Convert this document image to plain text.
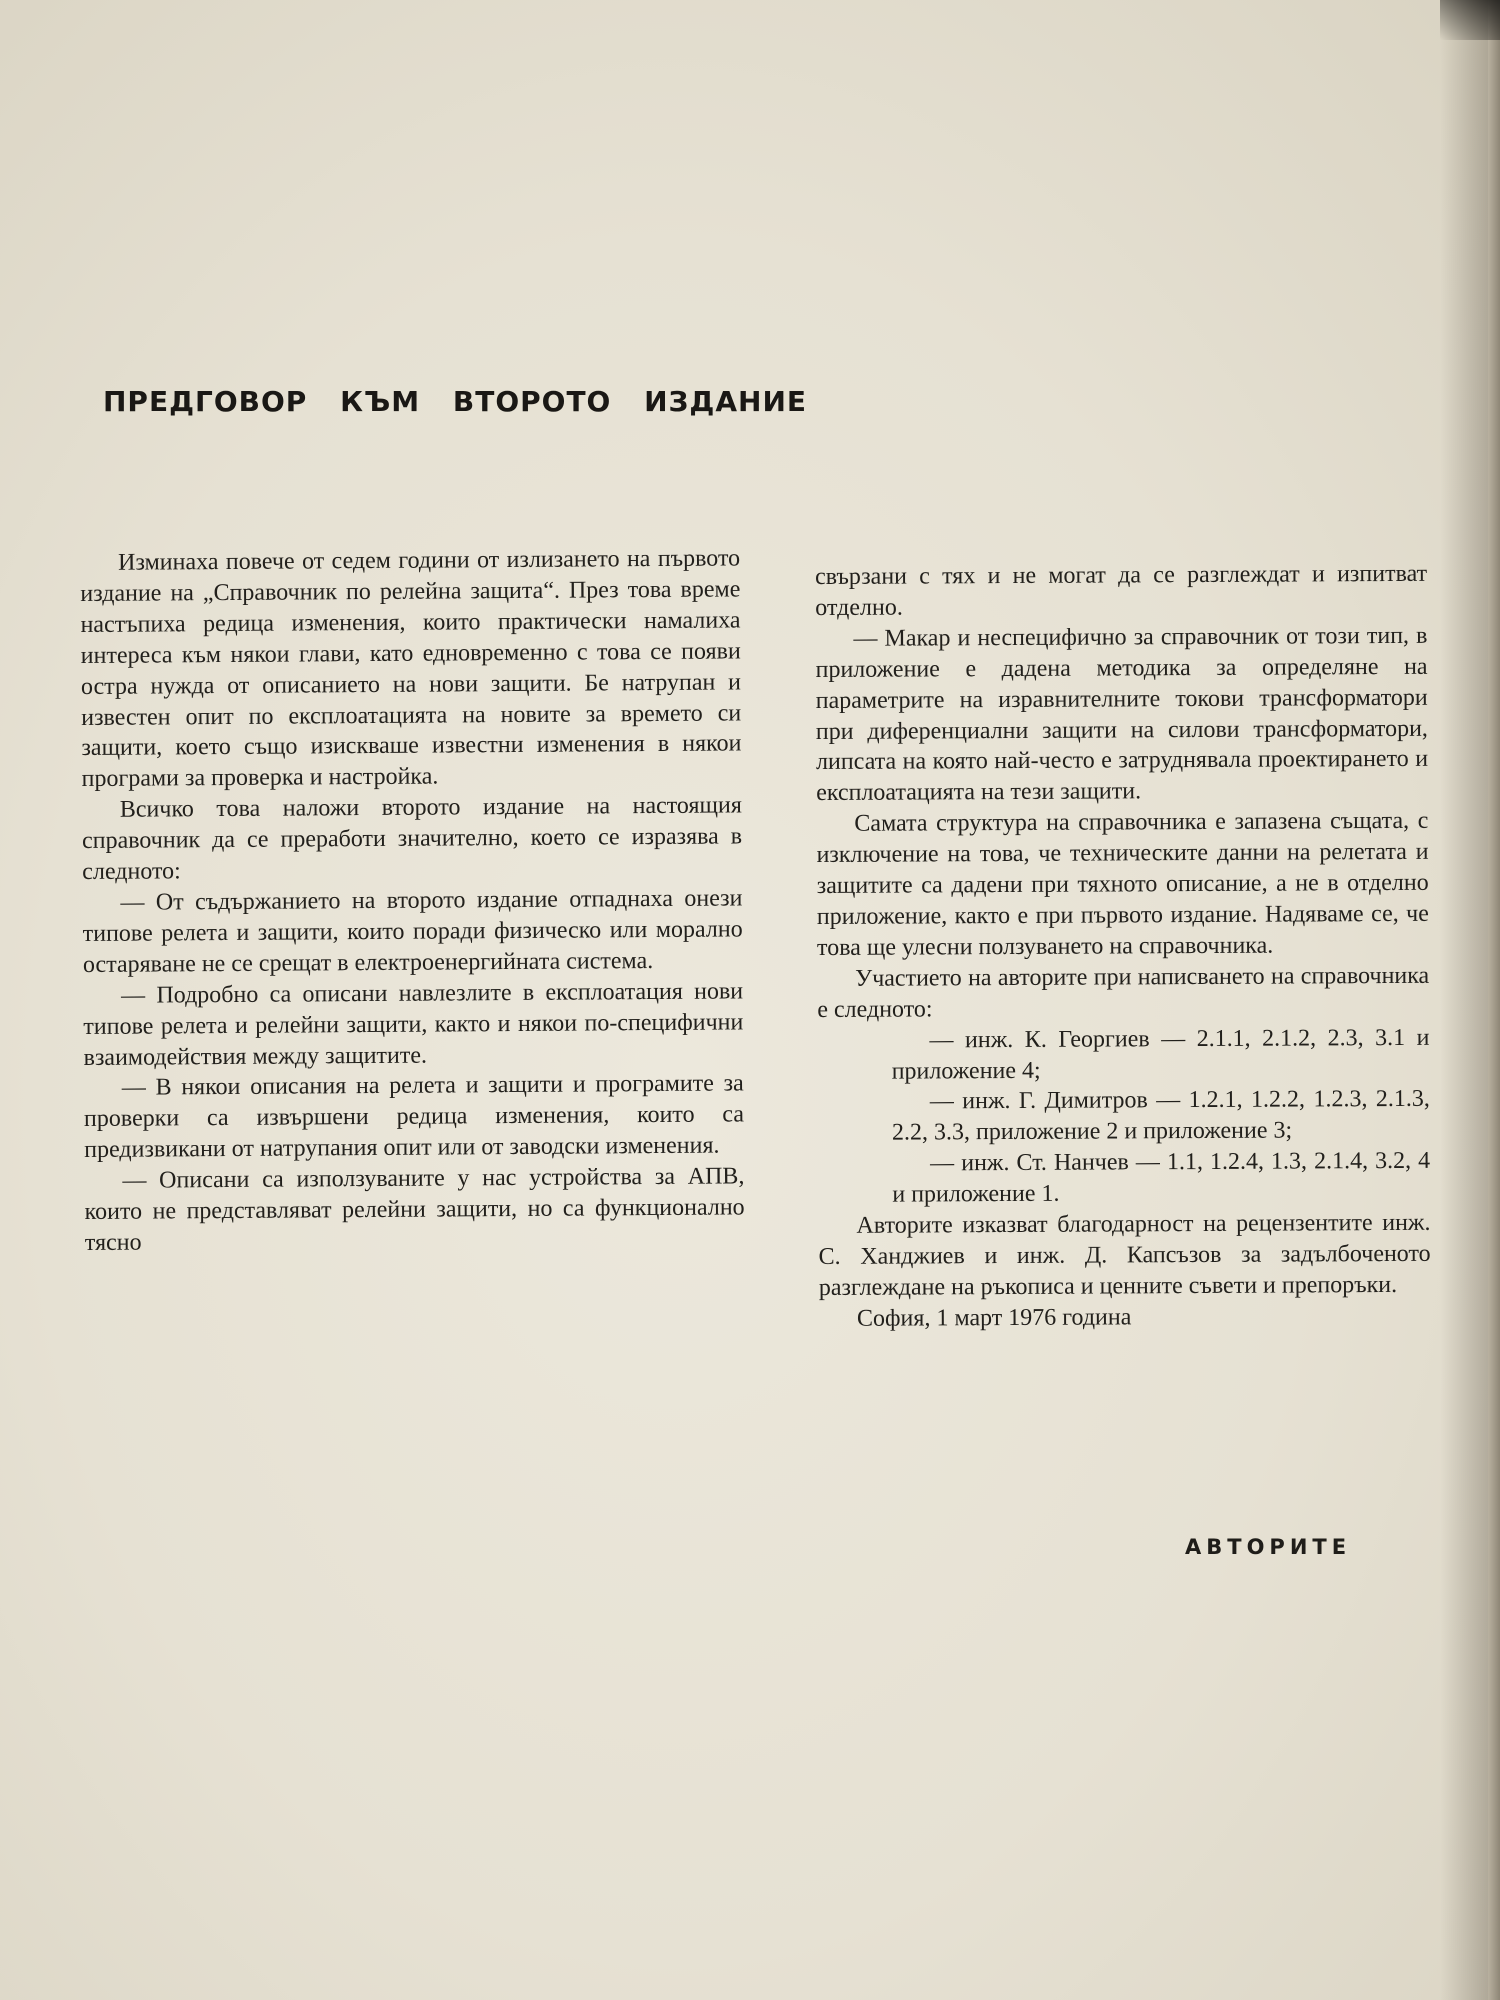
ПРЕДГОВОР КЪМ ВТОРОТО ИЗДАНИЕ

Изминаха повече от седем години от излизането на първото издание на „Справочник по релейна защита“. През това време настъпиха редица изменения, които практически намалиха интереса към някои глави, като едновременно с това се появи остра нужда от описанието на нови защити. Бе натрупан и известен опит по експлоатацията на новите за времето си защити, което също изискваше известни изменения в някои програми за проверка и настройка.

Всичко това наложи второто издание на настоящия справочник да се преработи значително, което се изразява в следното:

— От съдържанието на второто издание отпаднаха онези типове релета и защити, които поради физическо или морално остаряване не се срещат в електроенергийната система.

— Подробно са описани навлезлите в експлоатация нови типове релета и релейни защити, както и някои по-специфични взаимодействия между защитите.

— В някои описания на релета и защити и програмите за проверки са извършени редица изменения, които са предизвикани от натрупания опит или от заводски изменения.

— Описани са използуваните у нас устройства за АПВ, които не представляват релейни защити, но са функционално тясно

свързани с тях и не могат да се разглеждат и изпитват отделно.

— Макар и неспецифично за справочник от този тип, в приложение е дадена методика за определяне на параметрите на изравнителните токови трансформатори при диференциални защити на силови трансформатори, липсата на която най-често е затруднявала проектирането и експлоатацията на тези защити.

Самата структура на справочника е запазена същата, с изключение на това, че техническите данни на релетата и защитите са дадени при тяхното описание, а не в отделно приложение, както е при първото издание. Надяваме се, че това ще улесни ползуването на справочника.

Участието на авторите при написването на справочника е следното:

— инж. К. Георгиев — 2.1.1, 2.1.2, 2.3, 3.1 и приложение 4;

— инж. Г. Димитров — 1.2.1, 1.2.2, 1.2.3, 2.1.3, 2.2, 3.3, приложение 2 и приложение 3;

— инж. Ст. Нанчев — 1.1, 1.2.4, 1.3, 2.1.4, 3.2, 4 и приложение 1.

Авторите изказват благодарност на рецензентите инж. С. Ханджиев и инж. Д. Капсъзов за задълбоченото разглеждане на ръкописа и ценните съвети и препоръки.

София, 1 март 1976 година

АВТОРИТЕ
